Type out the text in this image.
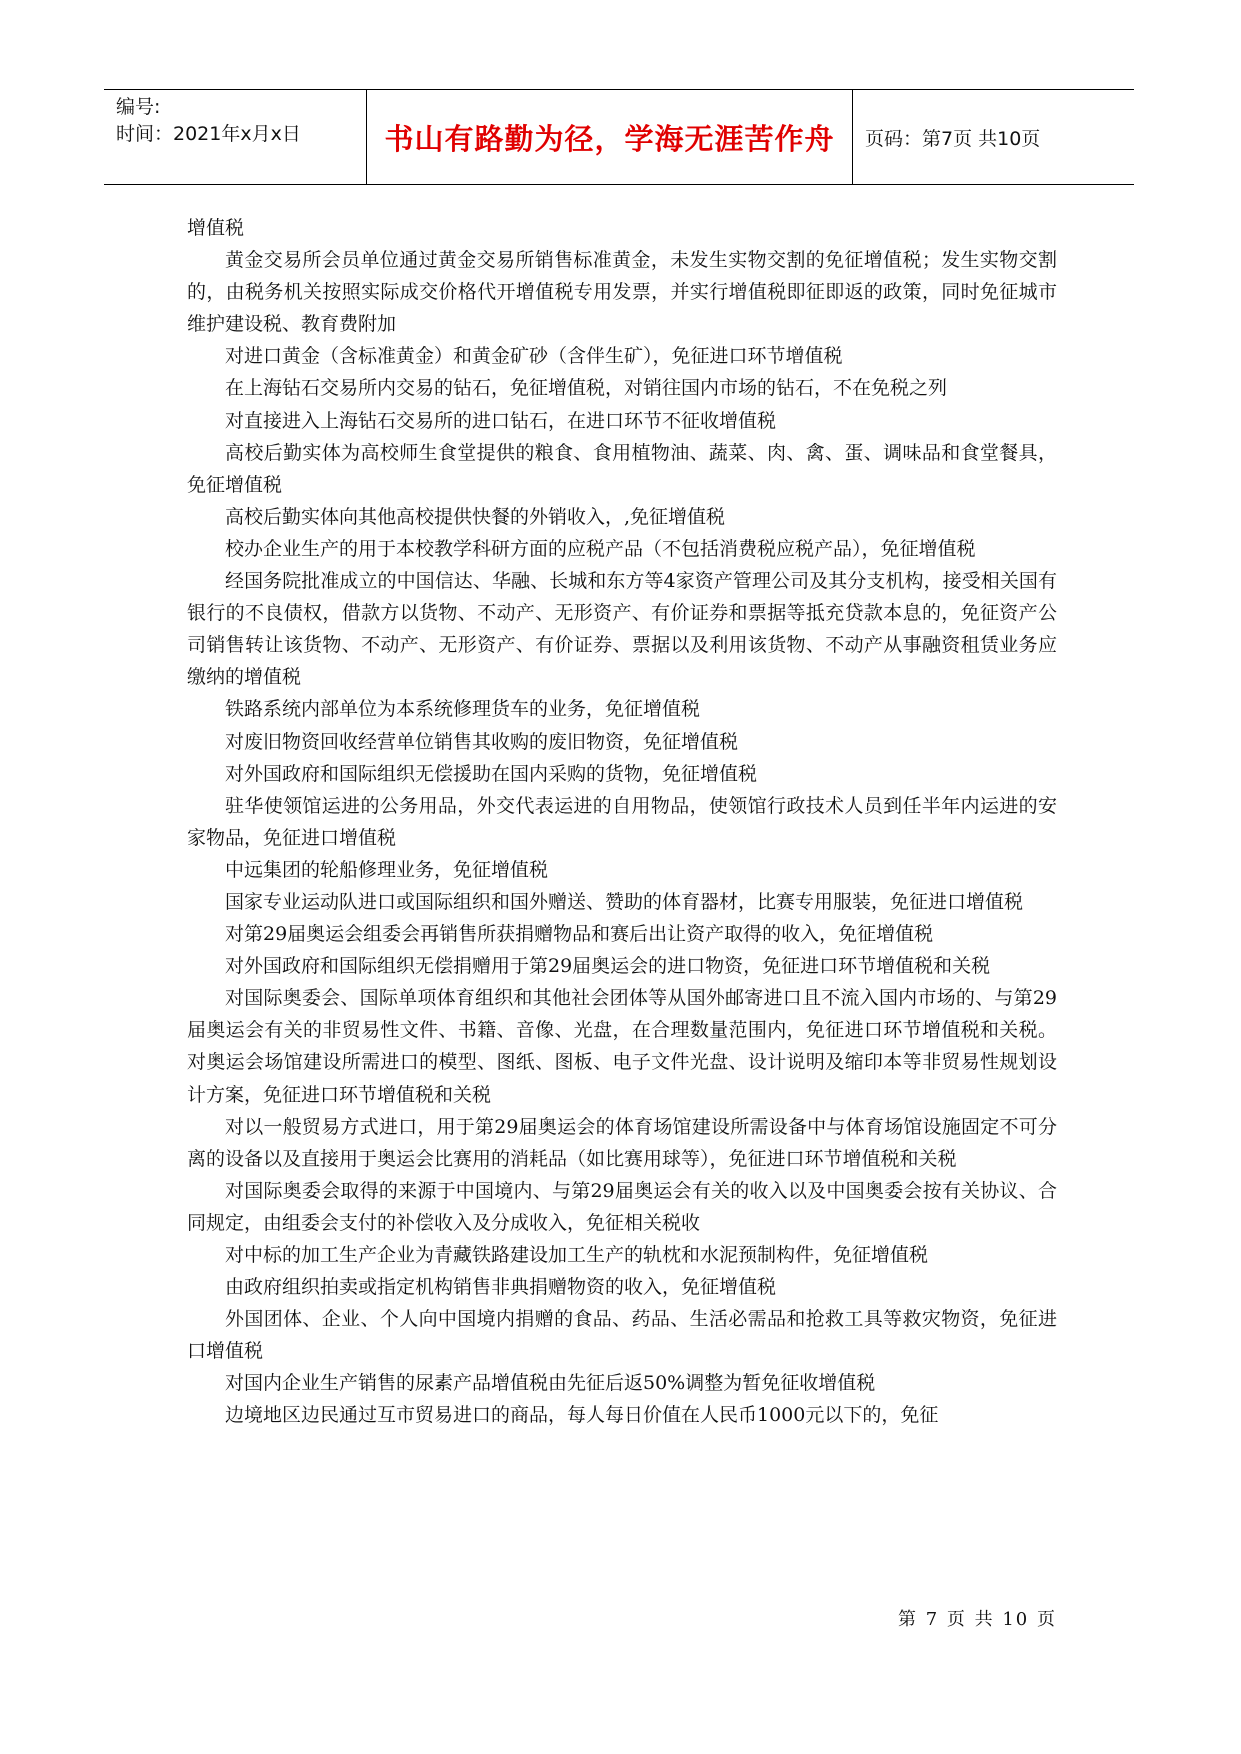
编号:
时间：2021年x月x日	书山有路勤为径，学海无涯苦作舟	页码：第7页 共10页

增值税

黄金交易所会员单位通过黄金交易所销售标准黄金，未发生实物交割的免征增值税；发生实物交割的，由税务机关按照实际成交价格代开增值税专用发票，并实行增值税即征即返的政策，同时免征城市维护建设税、教育费附加

对进口黄金（含标准黄金）和黄金矿砂（含伴生矿），免征进口环节增值税

在上海钻石交易所内交易的钻石，免征增值税，对销往国内市场的钻石，不在免税之列

对直接进入上海钻石交易所的进口钻石，在进口环节不征收增值税

高校后勤实体为高校师生食堂提供的粮食、食用植物油、蔬菜、肉、禽、蛋、调味品和食堂餐具，免征增值税

高校后勤实体向其他高校提供快餐的外销收入，,免征增值税

校办企业生产的用于本校教学科研方面的应税产品（不包括消费税应税产品），免征增值税

经国务院批准成立的中国信达、华融、长城和东方等4家资产管理公司及其分支机构，接受相关国有银行的不良债权，借款方以货物、不动产、无形资产、有价证券和票据等抵充贷款本息的，免征资产公司销售转让该货物、不动产、无形资产、有价证券、票据以及利用该货物、不动产从事融资租赁业务应缴纳的增值税

铁路系统内部单位为本系统修理货车的业务，免征增值税

对废旧物资回收经营单位销售其收购的废旧物资，免征增值税

对外国政府和国际组织无偿援助在国内采购的货物，免征增值税

驻华使领馆运进的公务用品，外交代表运进的自用物品，使领馆行政技术人员到任半年内运进的安家物品，免征进口增值税

中远集团的轮船修理业务，免征增值税

国家专业运动队进口或国际组织和国外赠送、赞助的体育器材，比赛专用服装，免征进口增值税

对第29届奥运会组委会再销售所获捐赠物品和赛后出让资产取得的收入，免征增值税

对外国政府和国际组织无偿捐赠用于第29届奥运会的进口物资，免征进口环节增值税和关税

对国际奥委会、国际单项体育组织和其他社会团体等从国外邮寄进口且不流入国内市场的、与第29届奥运会有关的非贸易性文件、书籍、音像、光盘，在合理数量范围内，免征进口环节增值税和关税。对奥运会场馆建设所需进口的模型、图纸、图板、电子文件光盘、设计说明及缩印本等非贸易性规划设计方案，免征进口环节增值税和关税

对以一般贸易方式进口，用于第29届奥运会的体育场馆建设所需设备中与体育场馆设施固定不可分离的设备以及直接用于奥运会比赛用的消耗品（如比赛用球等），免征进口环节增值税和关税

对国际奥委会取得的来源于中国境内、与第29届奥运会有关的收入以及中国奥委会按有关协议、合同规定，由组委会支付的补偿收入及分成收入，免征相关税收

对中标的加工生产企业为青藏铁路建设加工生产的轨枕和水泥预制构件，免征增值税

由政府组织拍卖或指定机构销售非典捐赠物资的收入，免征增值税

外国团体、企业、个人向中国境内捐赠的食品、药品、生活必需品和抢救工具等救灾物资，免征进口增值税

对国内企业生产销售的尿素产品增值税由先征后返50%调整为暂免征收增值税

边境地区边民通过互市贸易进口的商品，每人每日价值在人民币1000元以下的，免征

第 7 页 共 10 页
